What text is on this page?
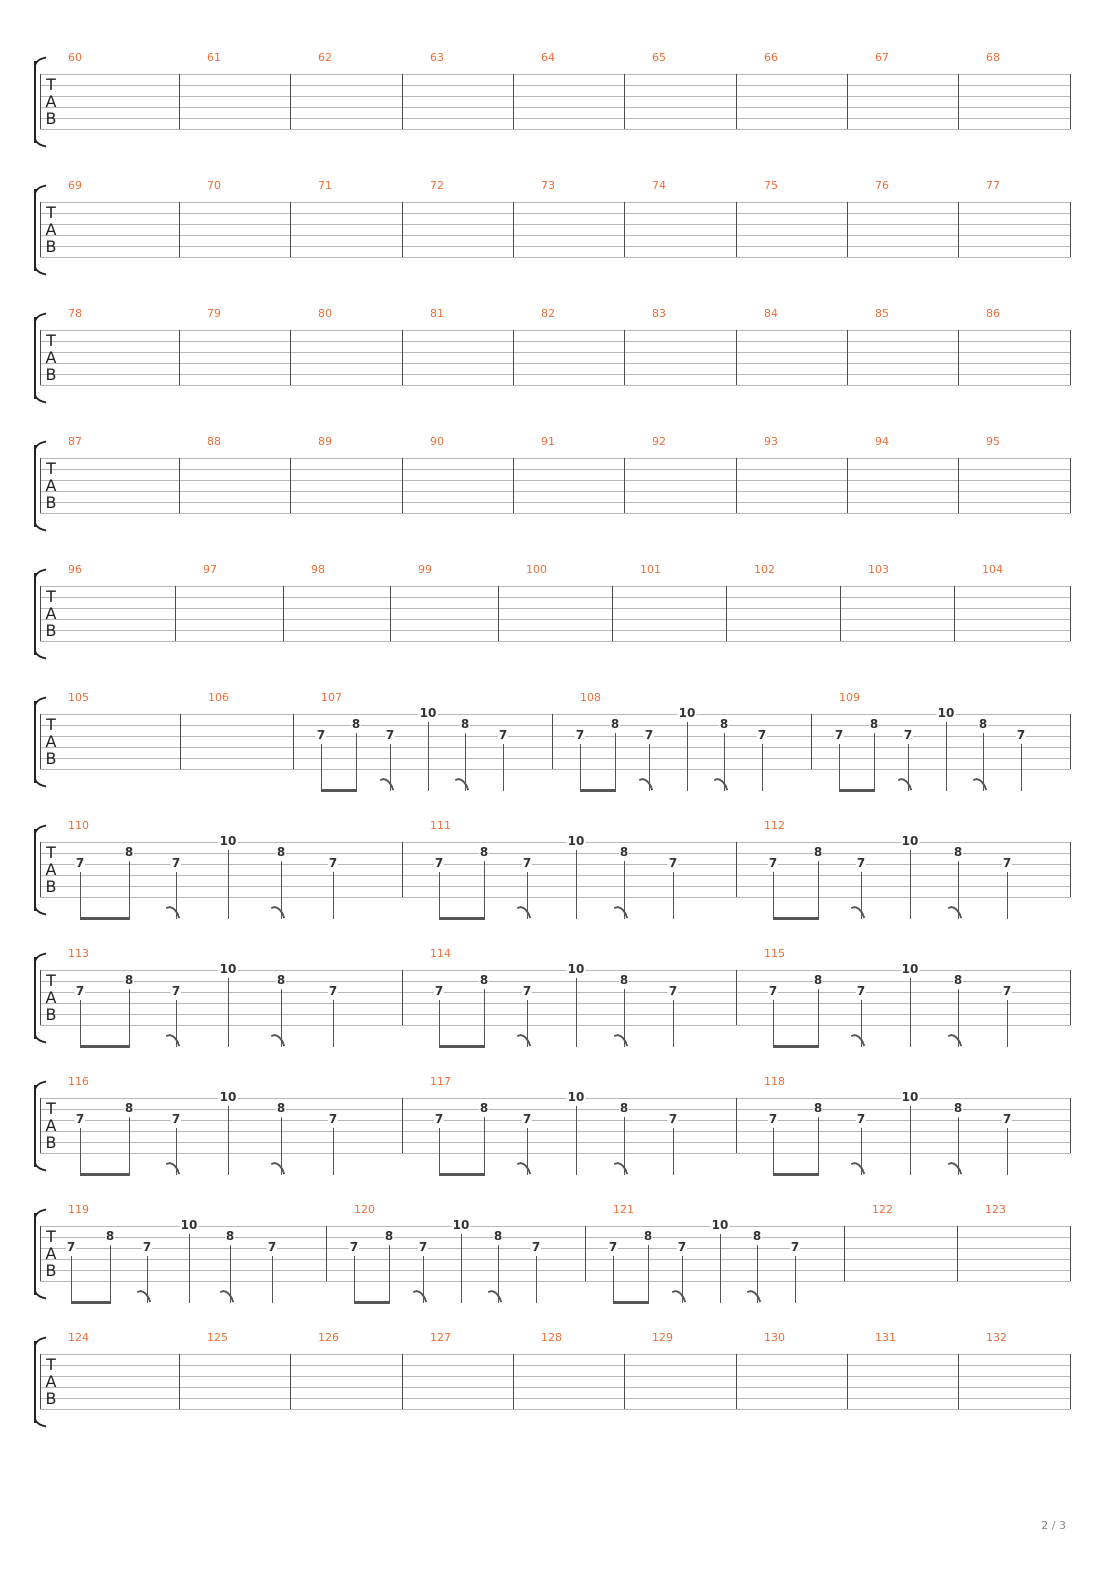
T
A
B
60	61	62	63	64	65	66	67	68
T
A
B
69	70	71	72	73	74	75	76	77
T
A
B
78	79	80	81	82	83	84	85	86
T
A
B
87	88	89	90	91	92	93	94	95
T
A
B
96	97	98	99	100	101	102	103	104
T
A
B
105	106	107
7
8
7
10
8
7
108
7
8
7
10
8
7
109
7
8
7
10
8
7
T
A
B
110
7
8
7
10
8
7
111
7
8
7
10
8
7
112
7
8
7
10
8
7
T
A
B
113
7
8
7
10
8
7
114
7
8
7
10
8
7
115
7
8
7
10
8
7
T
A
B
116
7
8
7
10
8
7
117
7
8
7
10
8
7
118
7
8
7
10
8
7
T
A
B
119
7
8
7
10
8
7
120
7
8
7
10
8
7
121
7
8
7
10
8
7
122	123
T
A
B
124	125	126	127	128	129	130	131	132
2 / 3
